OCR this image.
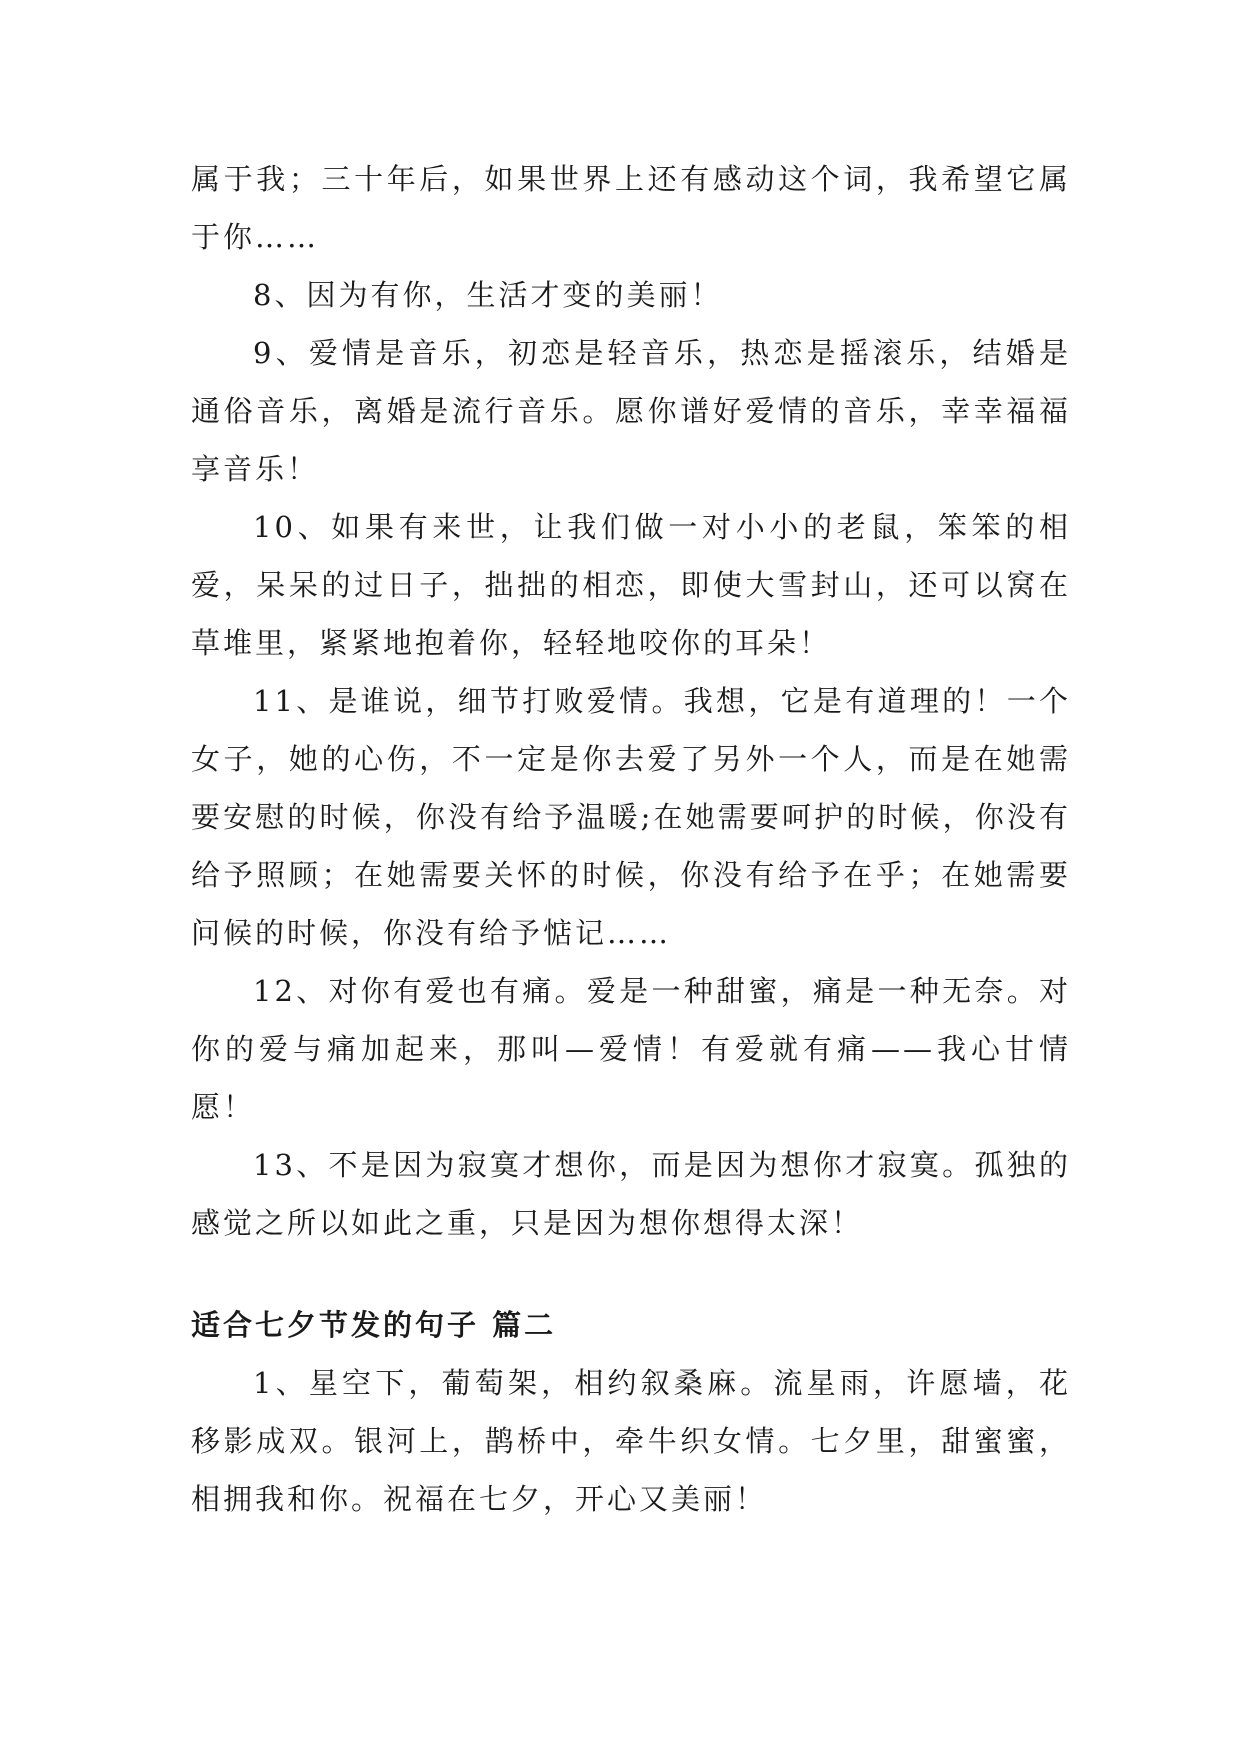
属于我；三十年后，如果世界上还有感动这个词，我希望它属于你……

8、因为有你，生活才变的美丽！

9、爱情是音乐，初恋是轻音乐，热恋是摇滚乐，结婚是通俗音乐，离婚是流行音乐。愿你谱好爱情的音乐，幸幸福福享音乐！

10、如果有来世，让我们做一对小小的老鼠，笨笨的相爱，呆呆的过日子，拙拙的相恋，即使大雪封山，还可以窝在草堆里，紧紧地抱着你，轻轻地咬你的耳朵！

11、是谁说，细节打败爱情。我想，它是有道理的！一个女子，她的心伤，不一定是你去爱了另外一个人，而是在她需要安慰的时候，你没有给予温暖;在她需要呵护的时候，你没有给予照顾；在她需要关怀的时候，你没有给予在乎；在她需要问候的时候，你没有给予惦记……

12、对你有爱也有痛。爱是一种甜蜜，痛是一种无奈。对你的爱与痛加起来，那叫—爱情！有爱就有痛——我心甘情愿！

13、不是因为寂寞才想你，而是因为想你才寂寞。孤独的感觉之所以如此之重，只是因为想你想得太深！

适合七夕节发的句子 篇二

1、星空下，葡萄架，相约叙桑麻。流星雨，许愿墙，花移影成双。银河上，鹊桥中，牵牛织女情。七夕里，甜蜜蜜，相拥我和你。祝福在七夕，开心又美丽！
